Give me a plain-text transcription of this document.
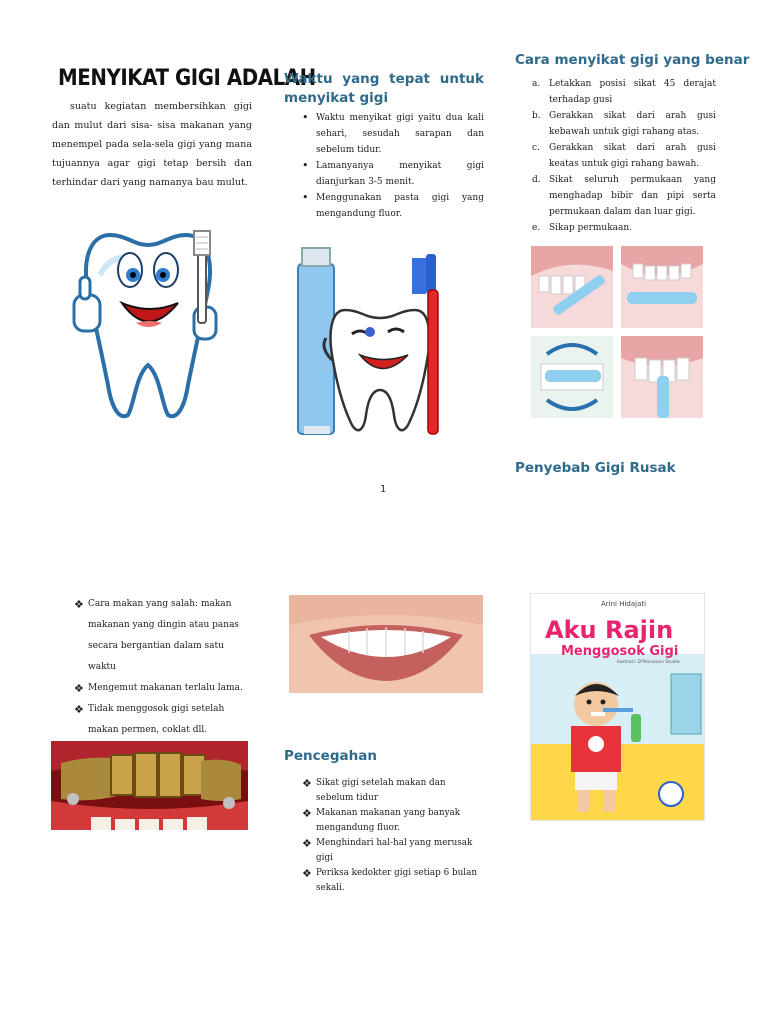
MENYIKAT GIGI ADALAH
suatu kegiatan membersihkan gigi dan mulut dari sisa- sisa makanan yang menempel pada sela-sela gigi yang mana tujuannya agar gigi tetap bersih dan terhindar dari yang namanya bau mulut.
Waktu yang tepat untuk
menyikat gigi
• Waktu menyikat gigi yaitu dua kali sehari, sesudah sarapan dan sebelum tidur.
• Lamanyanya menyikat gigi dianjurkan 3-5 menit.
• Menggunakan pasta gigi yang mengandung fluor.
Cara menyikat gigi yang benar
a. Letakkan posisi sikat 45 derajat terhadap gusi
b. Gerakkan sikat dari arah gusi kebawah untuk gigi rahang atas.
c. Gerakkan sikat dari arah gusi keatas untuk gigi rahang bawah.
d. Sikat seluruh permukaan yang menghadap bibir dan pipi serta permukaan dalam dan luar gigi.
e. Sikap permukaan.
Penyebab Gigi Rusak
1
❖ Cara makan yang salah: makan
makanan yang dingin atau panas
secara bergantian dalam satu waktu
❖ Mengemut makanan terlalu lama.
❖ Tidak menggosok gigi setelah
makan permen, coklat dll.
Pencegahan
❖ Sikat gigi setelah makan dan sebelum tidur
❖ Makanan makanan yang banyak mengandung fluor.
❖ Menghindari hal-hal yang merusak gigi
❖ Periksa kedokter gigi setiap 6 bulan sekali.
Arini Hidajati
Aku Rajin
Menggosok Gigi
Ilustrasi: D'Pencausn Studio
